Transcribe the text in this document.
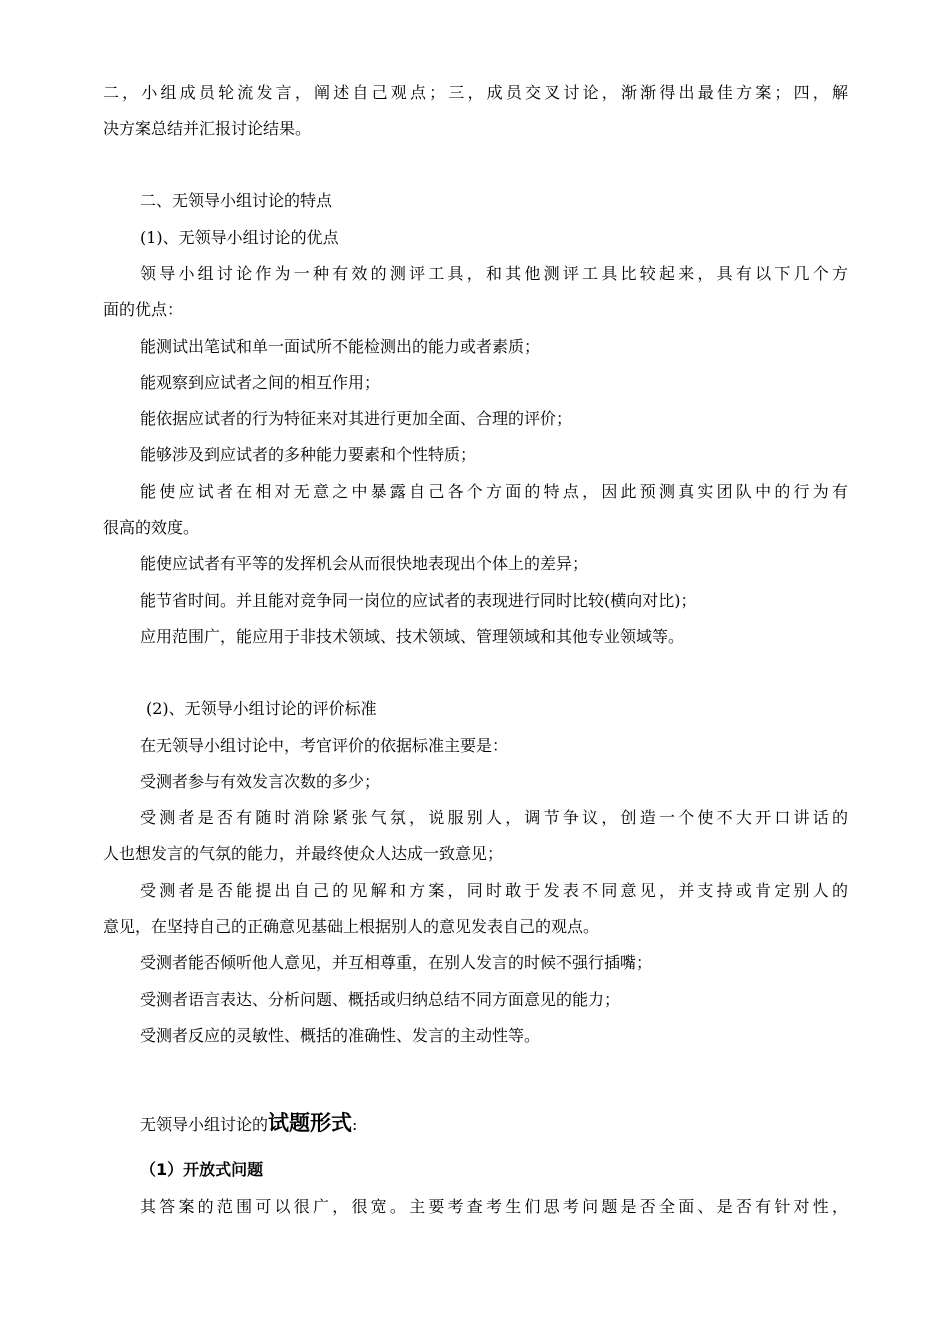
二，小组成员轮流发言，阐述自己观点；三，成员交叉讨论，渐渐得出最佳方案；四，解
决方案总结并汇报讨论结果。
二、无领导小组讨论的特点
(1)、无领导小组讨论的优点
领导小组讨论作为一种有效的测评工具，和其他测评工具比较起来，具有以下几个方
面的优点：
能测试出笔试和单一面试所不能检测出的能力或者素质；
能观察到应试者之间的相互作用；
能依据应试者的行为特征来对其进行更加全面、合理的评价；
能够涉及到应试者的多种能力要素和个性特质；
能使应试者在相对无意之中暴露自己各个方面的特点，因此预测真实团队中的行为有
很高的效度。
能使应试者有平等的发挥机会从而很快地表现出个体上的差异；
能节省时间。并且能对竞争同一岗位的应试者的表现进行同时比较(横向对比)；
应用范围广，能应用于非技术领域、技术领域、管理领域和其他专业领域等。
(2)、无领导小组讨论的评价标准
在无领导小组讨论中，考官评价的依据标准主要是：
受测者参与有效发言次数的多少；
受测者是否有随时消除紧张气氛，说服别人，调节争议，创造一个使不大开口讲话的
人也想发言的气氛的能力，并最终使众人达成一致意见；
受测者是否能提出自己的见解和方案，同时敢于发表不同意见，并支持或肯定别人的
意见，在坚持自己的正确意见基础上根据别人的意见发表自己的观点。
受测者能否倾听他人意见，并互相尊重，在别人发言的时候不强行插嘴；
受测者语言表达、分析问题、概括或归纳总结不同方面意见的能力；
受测者反应的灵敏性、概括的准确性、发言的主动性等。
无领导小组讨论的试题形式:
（1）开放式问题
其答案的范围可以很广，很宽。主要考查考生们思考问题是否全面、是否有针对性，
